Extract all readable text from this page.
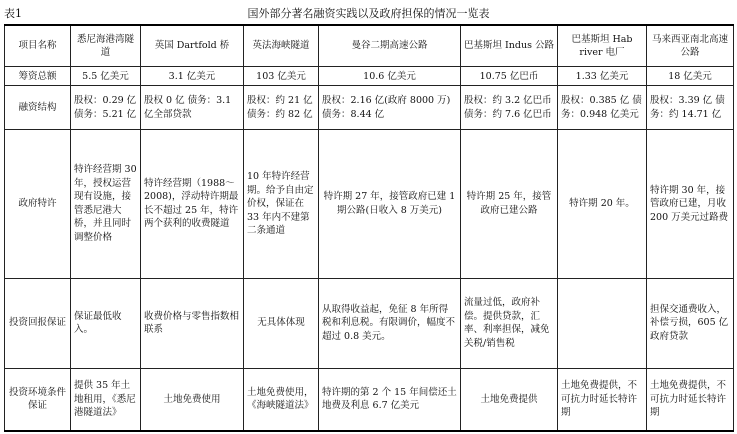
表1	国外部分著名融资实践以及政府担保的情况一览表
项目名称	悉尼海港湾隧道	英国 Dartfold 桥	英法海峡隧道	曼谷二期高速公路	巴基斯坦 Indus 公路	巴基斯坦 Hab river 电厂	马来西亚南北高速公路
筹资总额	5.5 亿美元	3.1 亿美元	103 亿美元	10.6 亿美元	10.75 亿巴币	1.33 亿美元	18 亿美元
融资结构	股权：0.29 亿 债务：5.21 亿	股权 0 亿 债务：3.1 亿全部贷款	股权：约 21 亿 债务：约 82 亿	股权：2.16 亿(政府 8000 万) 债务：8.44 亿	股权：约 3.2 亿巴币 债务：约 7.6 亿巴币	股权：0.385 亿 债务：0.948 亿美元	股权：3.39 亿 债务：约 14.71 亿
政府特许	特许经营期 30 年，授权运营现有设施，接管悉尼港大桥，并且同时调整价格	特许经营期（1988～2008)，浮动特许期最长不超过 25 年，特许两个获利的收费隧道	10 年特许经营期。给予自由定价权，保证在 33 年内不建第二条通道	特许期 27 年，接管政府已建 1 期公路(日收入 8 万美元)	特许期 25 年，接管政府已建公路	特许期 20 年。	特许期 30 年，接管政府已建，月收 200 万美元过路费
投资回报保证	保证最低收入。	收费价格与零售指数相联系	无具体体现	从取得收益起，免征 8 年所得税和利息税。有限调价，幅度不超过 0.8 美元。	流量过低，政府补偿。提供贷款，汇率、利率担保，减免关税/销售税		担保交通费收入，补偿亏损，605 亿政府贷款
投资环境条件保证	提供 35 年土地租用，《悉尼港隧道法》	土地免费使用	土地免费使用，《海峡隧道法》	特许期的第 2 个 15 年间偿还土地费及利息 6.7 亿美元	土地免费提供	土地免费提供，不可抗力时延长特许期	土地免费提供，不可抗力时延长特许期
